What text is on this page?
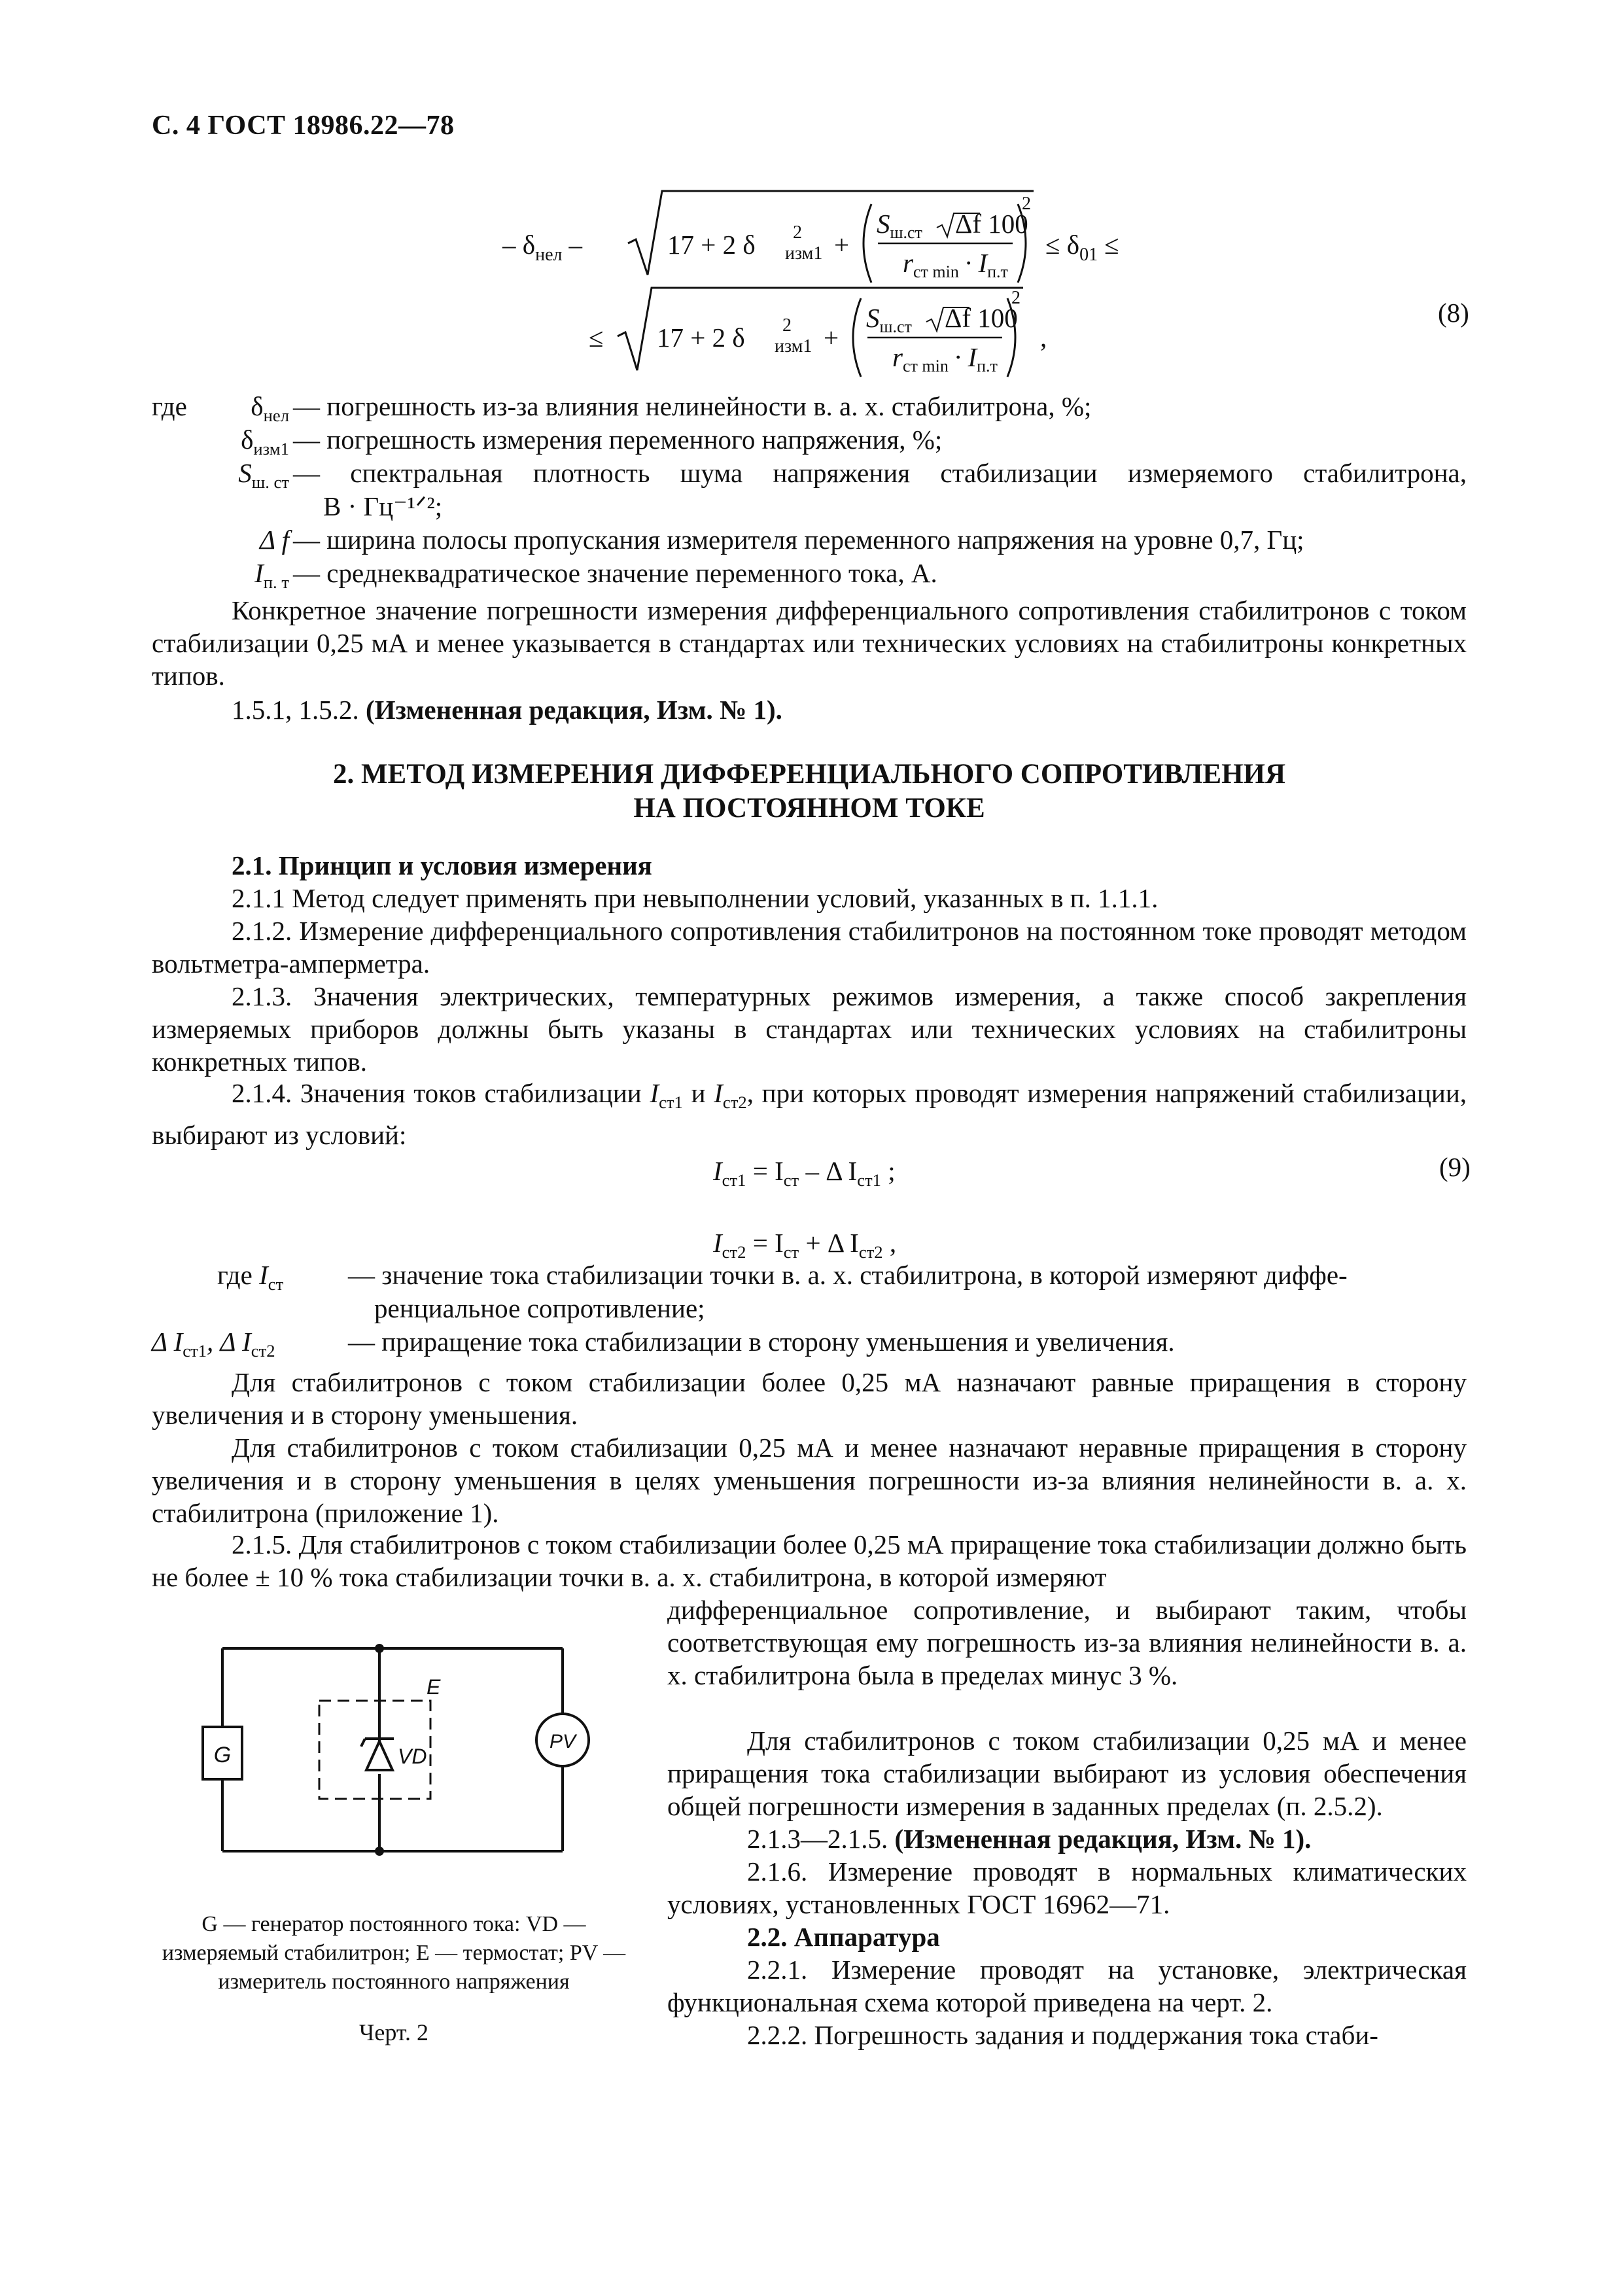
С. 4 ГОСТ 18986.22—78
– $\delta_{нел}$ –	17 + 2 δ 2
изм1 +
Sш.ст Δf 100
rст min · Iп.т
2
≤ $\delta_{01}$ ≤
≤ 17 + 2 δ 2
изм1 +
Sш.ст Δf 100
rст min · Iп.т
2
,
(8)
где	$\delta_{нел}$ — погрешность из-за влияния нелинейности в. а. х. стабилитрона, %;
$\delta_{изм1}$ — погрешность измерения переменного напряжения, %;
$S_{ш. ст}$ — спектральная плотность шума напряжения стабилизации измеряемого стабилитрона,
В · Гц⁻¹ᐟ²;
Δ f — ширина полосы пропускания измерителя переменного напряжения на уровне 0,7, Гц;
$I_{п. т}$ — среднеквадратическое значение переменного тока, А.
Конкретное значение погрешности измерения дифференциального сопротивления стабилитронов с током стабилизации 0,25 мА и менее указывается в стандартах или технических условиях на стабилитроны конкретных типов.
1.5.1, 1.5.2. (Измененная редакция, Изм. № 1).
2. МЕТОД ИЗМЕРЕНИЯ ДИФФЕРЕНЦИАЛЬНОГО СОПРОТИВЛЕНИЯ
НА ПОСТОЯННОМ ТОКЕ
2.1. Принцип и условия измерения
2.1.1 Метод следует применять при невыполнении условий, указанных в п. 1.1.1.
2.1.2. Измерение дифференциального сопротивления стабилитронов на постоянном токе проводят методом вольтметра-амперметра.
2.1.3. Значения электрических, температурных режимов измерения, а также способ закрепления измеряемых приборов должны быть указаны в стандартах или технических условиях на стабилитроны конкретных типов.
2.1.4. Значения токов стабилизации $I_{ст1}$ и $I_{ст2}$, при которых проводят измерения напряжений стабилизации, выбирают из условий:
$I_{ст1} = I_{ст} - \Delta$ $I_{ст1}$ ;
$I_{ст2} = I_{ст} + \Delta$ $I_{ст2}$ ,
(9)
где $I_{ст}$ — значение тока стабилизации точки в. а. х. стабилитрона, в которой измеряют диффе-
ренциальное сопротивление;
Δ $I_{ст1}$, Δ $I_{ст2}$	— приращение тока стабилизации в сторону уменьшения и увеличения.
Для стабилитронов с током стабилизации более 0,25 мА назначают равные приращения в сторону увеличения и в сторону уменьшения.
Для стабилитронов с током стабилизации 0,25 мА и менее назначают неравные приращения в сторону увеличения и в сторону уменьшения в целях уменьшения погрешности из-за влияния нелинейности в. а. х. стабилитрона (приложение 1).
2.1.5. Для стабилитронов с током стабилизации более 0,25 мА приращение тока стабилизации должно быть не более ± 10 % тока стабилизации точки в. а. х. стабилитрона, в которой измеряют
дифференциальное сопротивление, и выбирают таким, чтобы соответствующая ему погрешность из-за влияния нелинейности в. а. х. стабилитрона была в пределах минус 3 %.
Для стабилитронов с током стабилизации 0,25 мА и менее приращения тока стабилизации выбирают из условия обеспечения общей погрешности измерения в заданных пределах (п. 2.5.2).
2.1.3—2.1.5. (Измененная редакция, Изм. № 1).
2.1.6. Измерение проводят в нормальных климатических условиях, установленных ГОСТ 16962—71.
2.2. Аппаратура
2.2.1. Измерение проводят на установке, электрическая функциональная схема которой приведена на черт. 2.
2.2.2. Погрешность задания и поддержания тока стаби-
G
E
VD
PV
G — генератор постоянного тока: VD — измеряемый стабилитрон; E — термостат; PV — измеритель постоянного напряжения
Черт. 2
